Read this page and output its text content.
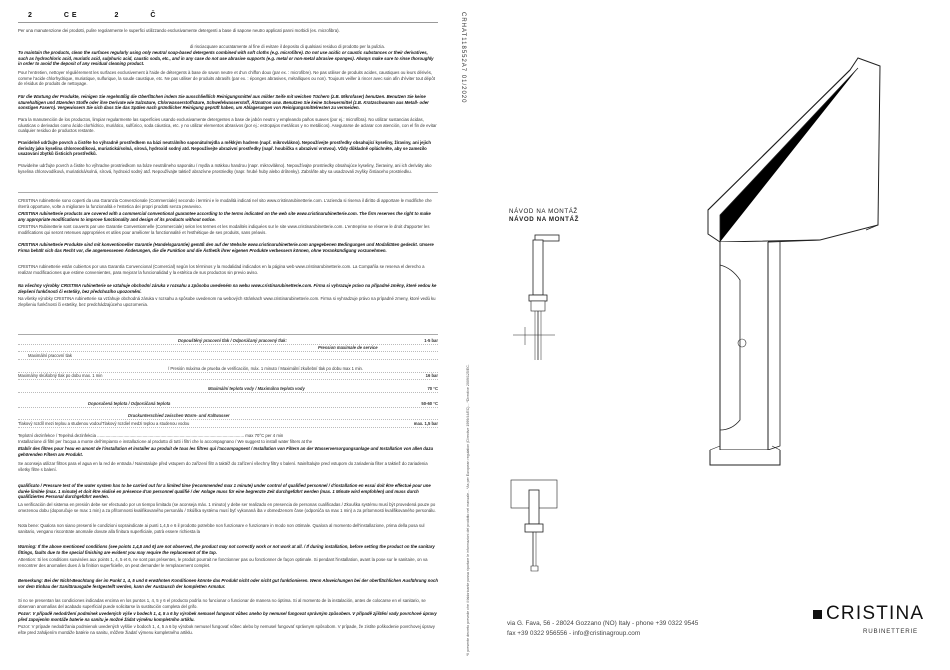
2	CE	2	Č
Per una manutenzione dei prodotti, pulire regolarmente le superfici utilizzando esclusivamente detergenti a base di sapone neutro applicati panni morbidi (es. microfibra).
di risciacquare accuratamente al fine di evitare il deposito di qualsiasi residuo di prodotto per la pulizia.
To maintain the products, clean the surfaces regularly using only neutral soap-based detergents combined with soft cloths (e.g. microfibre). Do not use acidic or caustic substances or their derivatives, such as hydrochloric acid, muriatic acid, sulphuric acid, caustic soda, etc., and in any case do not use abrasive supports (e.g. metal or non-metal abrasive sponges). Always make sure to rinse thoroughly in order to avoid the deposit of any residual cleaning product.
Pour l'entretien, nettoyer régulièrement les surfaces exclusivement à l'aide de détergents à base de savon neutre et d'un chiffon doux (par ex. : microfibre). Ne pas utiliser de produits acides, caustiques ou leurs dérivés, comme l'acide chlorhydrique, muriatique, sulfurique, la soude caustique, etc. Ne pas utiliser de produits abrasifs (par ex. : éponges abrasives, métalliques ou non). Toujours veiller à rincer avec soin afin d'éviter tout dépôt de résidus de produits de nettoyage.
Für die Wartung der Produkte, reinigen Sie regelmäßig die Oberflächen indem Sie ausschließlich Reinigungsmittel aus milder Seife mit weichen Tüchern (z.B. Mikrofaser) benutzen. Benutzen Sie keine säurehaltigen und ätzenden Stoffe oder ihre Derivate wie Salzsäure, Chlorwasserstoffsäure, Schwefelwasserstoff, Ätznatron usw. Benutzen Sie keine Scheuermittel (z.B. Kratzschwamm aus Metall- oder sonstigen Fasern). Vergewissern Sie sich dass Sie das Spülen nach gründlicher Reinigung geprüft haben, um Ablagerungen von Reinigungsmittelresten zu vermeiden.
Para la manutención de los productos, limpiar regularmente las superficies usando exclusivamente detergentes a base de jabón neutro y empleando paños suaves (por ej.: microfibra). No utilizar sustancias ácidas, cáusticas o derivados como ácido clorhídrico, muriático, sulfúrico, soda cáustica, etc. y no utilizar elementos abrasivos (por ej.: estropajos metálicos y no metálicos). Asegurarse de aclarar con atención, con el fin de evitar cualquier residuo de productos restante.
Pravidelně udržujte povrch a čistěte ho výhradně prostředkem na bázi neutrálního saponátu/mýdla a měkkým hadrem (např. mikrovlákno). Nepoužívejte prostředky obsahující kyseliny, žíraviny, ani jejich deriváty jako kyselina chlorovodíková, muriatická/solná, sírová, hydroxid sodný atd. Nepoužívejte abrazivní prostředky (např. houbička s abrazivní vrstvou). Vždy důkladně opláchněte, aby se zamezilo usazování zbytků čisticích prostředků.
Pravidelne udržujte povrch a čistite ho výhradne prostriedkom na báze neutrálneho saponátu / mydla a mäkkou handrou (napr. mikrovlákno). Nepoužívajte prostriedky obsahujúce kyseliny, žieraviny, ani ich deriváty ako kyselina chlorovodíková, muriatická/solná, sírová, hydroxid sodný atď. Nepoužívajte taktiež abrazívne prostriedky (napr. hrubé huby alebo drôtenky). Zabráňte aby sa usadzovali zvyšky čistiaceho prostriedku.
CRISTINA rubinetterie sono coperti da una Garanzia Convenzionale (Commerciale) secondo i termini e le modalità indicati nel sito www.cristinarubinetterie.com. L'azienda si riserva il diritto di apportare le modifiche che riterrà opportune, volte a migliorare la funzionalità e l'estetica dei propri prodotti senza preavviso.
CRISTINA rubinetterie products are covered with a commercial conventional guarantee according to the terms indicated on the web site www.cristinarubinetterie.com. The firm reserves the right to make any appropriate modifications to improve functionality and design of its products without notice.
CRISTINA Rubinetterie sont couverts par une Garantie Conventionnelle (Commerciale) selon les termes et les modalités indiquées sur le site www.cristinarubinetterie.com. L'entreprise se réserve le droit d'apporter les modifications qui seront retenues appropriées et utiles pour améliorer la fonctionnalité et l'esthétique de ses produits, sans préavis.
CRISTINA rubinetterie Produkte sind mit konventioneller Garantie (Handelsgarantie) gemäß den auf der Website www.cristinarubinetterie.com angegebenen Bedingungen und Modalitäten gedeckt. Unsere Firma behält sich das Recht vor, die angemessenen Änderungen, die die Funktion und die Ästhetik ihrer eigenen Produkte verbessern können, ohne Vorankündigung vorzunehmen.
CRISTINA rubinetterie están cubiertos por una Garantía Convencional (Comercial) según los términos y la modalidad indicados en la página web www.cristinarubinetterie.com. La Compañía se reserva el derecho a realizar modificaciones que estime convenientes, para mejorar la funcionalidad y la estética de sus productos sin previo aviso.
Na všechny výrobky CRISTINA rubinetterie se vztahuje obchodní záruka v rozsahu a způsobu uvedeném na webu www.cristinarubinetterie.com. Firma si vyhrazuje právo na případné změny, které vedou ke zlepšení funkčnosti či estetiky, bez předchozího upozornění.
Na všetky výrobky CRISTINA rubinetterie sa vzťahuje obchodná záruka v rozsahu a spôsobe uvedenom na webových stránkach www.cristinarubinetterie.com. Firma si vyhradzuje právo na prípadné zmeny, ktoré vedú ku zlepšeniu funkčnosti či estetiky, bez predchádzajúceho upozornenia.
Dopouštěný pracovní tlak / Odporúčaný pracovný tlak:	1-5 bar
Pression maximale de service
Maximální pracovní tlak
/ Presión máxima de prueba de verificación, máx. 1 minuto / Maximální zkušební tlak po dobu max 1 min.
Maximálny skúšobný tlak po dobu max. 1 min	16 bar
Maximální teplota vody / Maximálna teplota vody	70 °C
Doporučená teplota / Odporúčaná teplota	50-60 °C
Druckunterschied zwischen Warm- und Kaltwasser
Tlakový rozdíl mezi teplou a studenou vodou/Tlakový rozdiel medzi teplou a studenou vodou	max. 1,5 bar
Teplotní dezinfekce / Tepelná dezinfekcia ........................................................................................................................... max 70°C per 4 min
Installazione di filtri per l'acqua a monte dell'impianto e installazione al prodotto di tutti i filtri che lo accompagnano / We suggest to install water filters at the
Etablir des filtres pour l'eau en amont de l'installation et installer au produit de tous les filtres qui l'accompagnent / Installation von Filtern an der Wasserversorgungsanlage und Installation von allen dazu gehörenden Filtern am Produkt.
Se aconseja utilizar filtros para el agua en la red de entrada / Nainstalujte před vstupem do zařízení filtr a taktéž do zařízení všechny filtry s balení. Nainštalujte pred vstupom do zariadenia filter a taktiež do zariadenia všetky filtre s balení.
qualificato / Pressure test of the water system has to be carried out for a limited time (recommended max 1 minute) under control of qualified personnel / d'installation en essai doit être effectué pour une durée limitée (max. 1 minute) et doit être réalisé en présence d'un personnel qualifié / der Anlage muss für eine begrenzte Zeit durchgeführt werden (max. 1 Minute wird empfohlen) und muss durch qualifiziertes Personal durchgeführt werden.
La verificación del sistema en presión debe ser efectuado por un tiempo limitado (se aconseja máx. 1 minuto) y debe ser realizado en presencia de personas cualificadas / Zkouška systému musí být provedená pouze po omezenou dobu (doporučuje se max 1 min) a za přítomnosti kvalifikovaného personálu / Skúška systému musí byť vykonaná iba v obmedzenom čase (odporúča sa max 1 min) a za prítomnosti kvalifikovaného personálu.
Nota bene: Qualora non siano presenti le condizioni sopraindicate ai punti 1,4,5 e 6 il prodotto potrebbe non funzionare e funzionare in modo non ottimale. Qualora al momento dell'installazione, prima della posa sul sanitario, vengano riscontrate anomalie dovute alla finitura superficiale, potrà essere richiesta la
Warning: If the above mentioned conditions (see points 1,4,5 and 6) are not observed, the product may not correctly work or not work at all. / If during installation, before setting the product on the sanitary fittings, faults due to the special finishing are evident you may require the replacement of the tap.
Attention: Si les conditions susvisées aux points 1, 4, 5 et 6, ne sont pas présentes, le produit pourrait ne fonctionner pas ou fonctionner de façon optimale. Si pendant l'installation, avant la pose sur le sanitaire, on va rencontrer des anomalies dues à la finition superficielle, on peut demander le remplacement complet.
Bemerkung: Bei der Nicht-Beachtung der im Punkt 1, 4, 5 und 6 erwähnten Konditionen könnte das Produkt nicht oder nicht gut funktionieren. Wenn Abweichungen bei der oberflächlichen Ausführung noch vor dem Einbau der Sanitärausgabe festgestellt werden, kann der Austausch der kompletten Armatur.
Si no se presentan las condiciones indicadas encima en los puntos 1, 4, 5 y 6 el producto podría no funcionar o funcionar de manera no óptima. Si al momento de la instalación, antes de colocarse en el sanitario, se observan anomalías del acabado superficial puede solicitarse la sustitución completa del grifo.
Pozor: V případě nedodržení podmínek uvedených výše v bodech 1, 4, 5 a 6 by výrobek nemusel fungovat vůbec anebo by nemusel fungovat správným způsobem. V případě zjištění vady povrchové úpravy před zapojením montáže baterie na sanitu je možné žádat výměnu kompletního artiklu.
Pozor: V prípade nedodržania podmienok uvedených vyššie v bodoch 1, 4, 5 a 6 by výrobok nemusel fungovať vôbec alebo by nemusel fungovať správnym spôsobom. V prípade, že zistíte poškodenie povrchovej úpravy ešte pred zahájením montáže batérie na sanitu, môžete žiadať výmenu kompletného artiklu.
CRHAT118552A7 01/2020
*Il presente decreto prevede che il fabbricante possa riportare le informazioni del prodotto nel manuale... *As per European regulation (Directive 1999/44/EC)... *Directive 2009/125/EC.
NÁVOD NA MONTÁŽ
NÁVOD NA MONTÁŽ
via G. Fava, 56 - 28024 Gozzano (NO) Italy - phone +39 0322 9545
fax +39 0322 956556 - info@cristinagroup.com
CRISTINA
RUBINETTERIE
